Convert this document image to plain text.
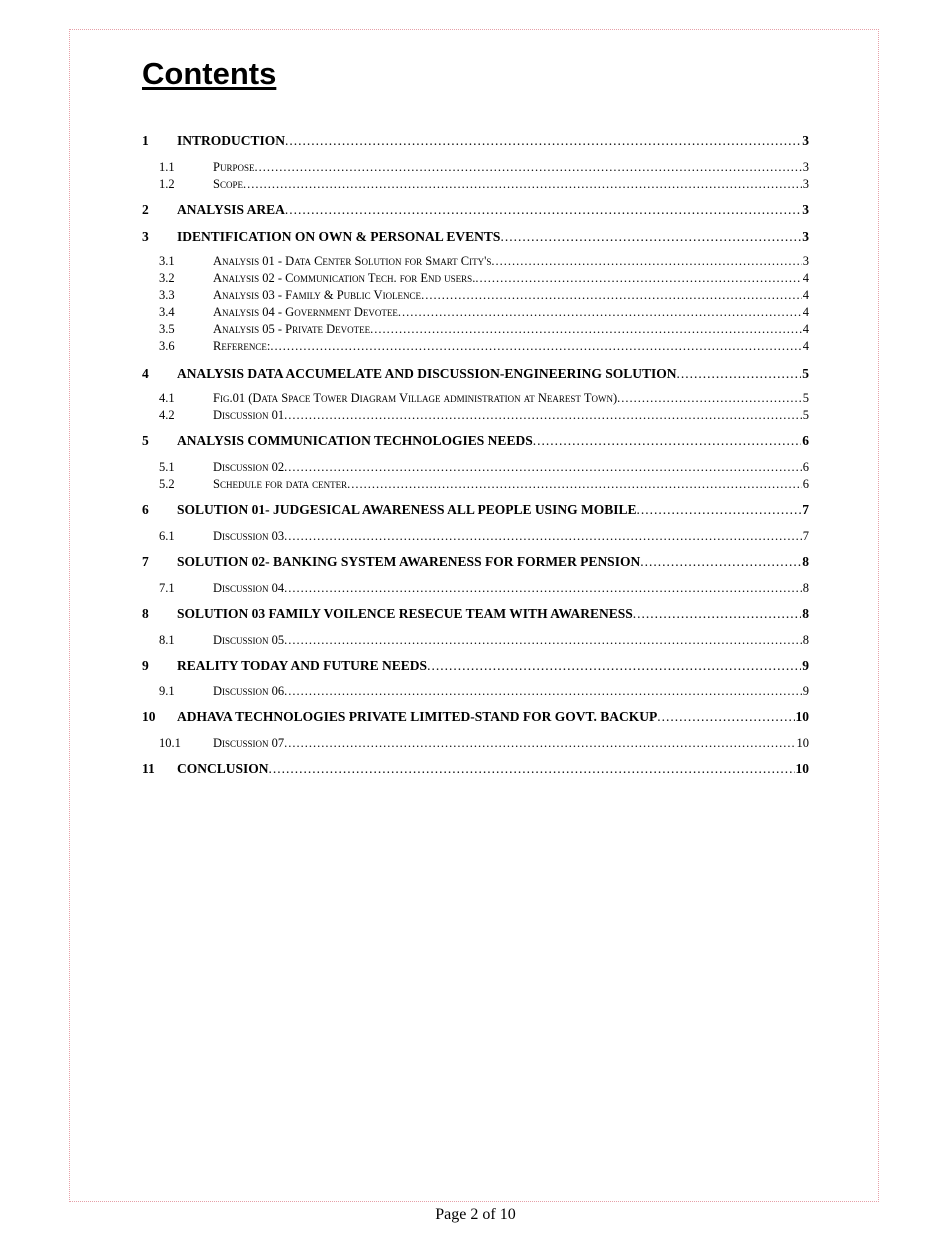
Contents
1	INTRODUCTION .....	3
1.1	Purpose .....	3
1.2	Scope .....	3
2	ANALYSIS AREA .....	3
3	IDENTIFICATION ON OWN & PERSONAL EVENTS .....	3
3.1	Analysis 01 - Data Center Solution for Smart City's .....	3
3.2	Analysis 02 - Communication Tech. for End users. .....	4
3.3	Analysis 03 - Family & Public Violence .....	4
3.4	Analysis 04 - Government Devotee .....	4
3.5	Analysis 05 - Private Devotee .....	4
3.6	Reference: .....	4
4	ANALYSIS DATA ACCUMELATE AND DISCUSSION-ENGINEERING SOLUTION .....	5
4.1	Fig.01 (Data Space Tower Diagram Village administration at Nearest Town) .....	5
4.2	Discussion 01 .....	5
5	ANALYSIS COMMUNICATION TECHNOLOGIES NEEDS .....	6
5.1	Discussion 02 .....	6
5.2	Schedule for data center .....	6
6	SOLUTION 01- JUDGESICAL AWARENESS ALL PEOPLE USING MOBILE .....	7
6.1	Discussion 03 .....	7
7	SOLUTION 02- BANKING SYSTEM AWARENESS FOR FORMER PENSION .....	8
7.1	Discussion 04 .....	8
8	SOLUTION 03 FAMILY VOILENCE RESECUE TEAM WITH AWARENESS .....	8
8.1	Discussion 05 .....	8
9	REALITY TODAY AND FUTURE NEEDS .....	9
9.1	Discussion 06 .....	9
10	ADHAVA TECHNOLOGIES PRIVATE LIMITED-STAND FOR GOVT. BACKUP .....	10
10.1	Discussion 07 .....	10
11	CONCLUSION .....	10
Page 2 of 10
